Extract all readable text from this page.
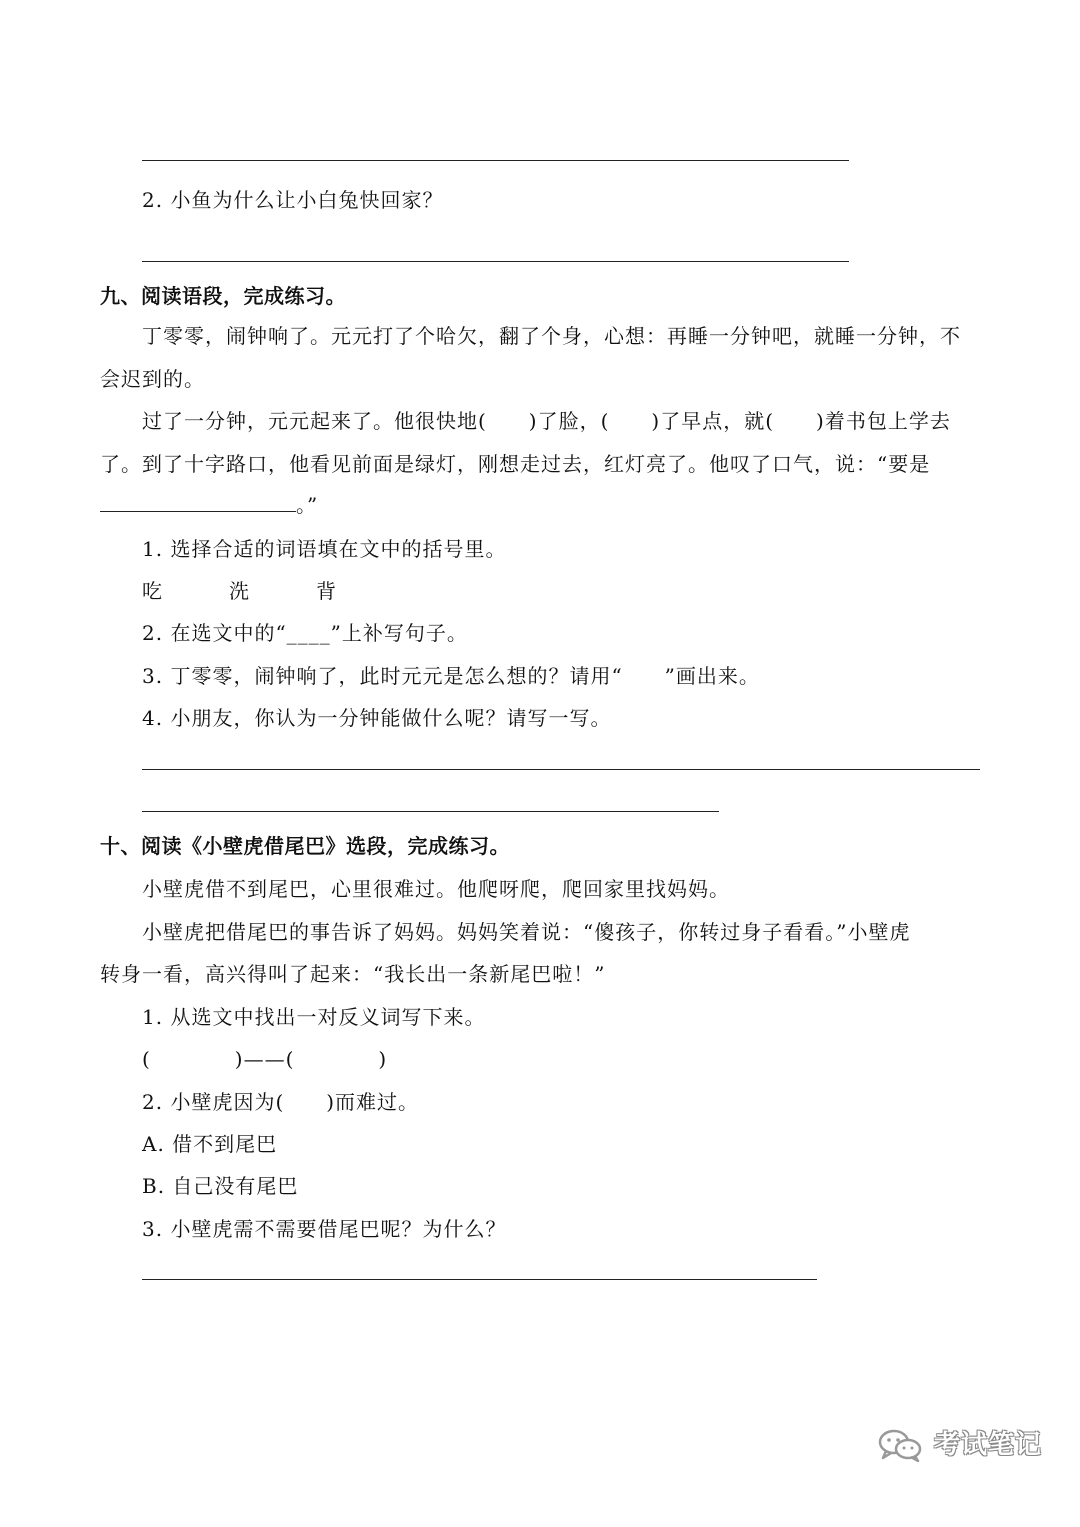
2. 小鱼为什么让小白兔快回家？
九、阅读语段，完成练习。
丁零零，闹钟响了。元元打了个哈欠，翻了个身，心想：再睡一分钟吧，就睡一分钟，不
会迟到的。
过了一分钟，元元起来了。他很快地(　　)了脸，(　　)了早点，就(　　)着书包上学去
了。到了十字路口，他看见前面是绿灯，刚想走过去，红灯亮了。他叹了口气，说：“要是
。”
1. 选择合适的词语填在文中的括号里。
吃	洗	背
2. 在选文中的“____”上补写句子。
3. 丁零零，闹钟响了，此时元元是怎么想的？请用“　　”画出来。
4. 小朋友，你认为一分钟能做什么呢？请写一写。
十、阅读《小壁虎借尾巴》选段，完成练习。
小壁虎借不到尾巴，心里很难过。他爬呀爬，爬回家里找妈妈。
小壁虎把借尾巴的事告诉了妈妈。妈妈笑着说：“傻孩子，你转过身子看看。”小壁虎
转身一看，高兴得叫了起来：“我长出一条新尾巴啦！”
1. 从选文中找出一对反义词写下来。
(　　　　)——(　　　　)
2. 小壁虎因为(　　)而难过。
A. 借不到尾巴
B. 自己没有尾巴
3. 小壁虎需不需要借尾巴呢？为什么？
考试笔记
